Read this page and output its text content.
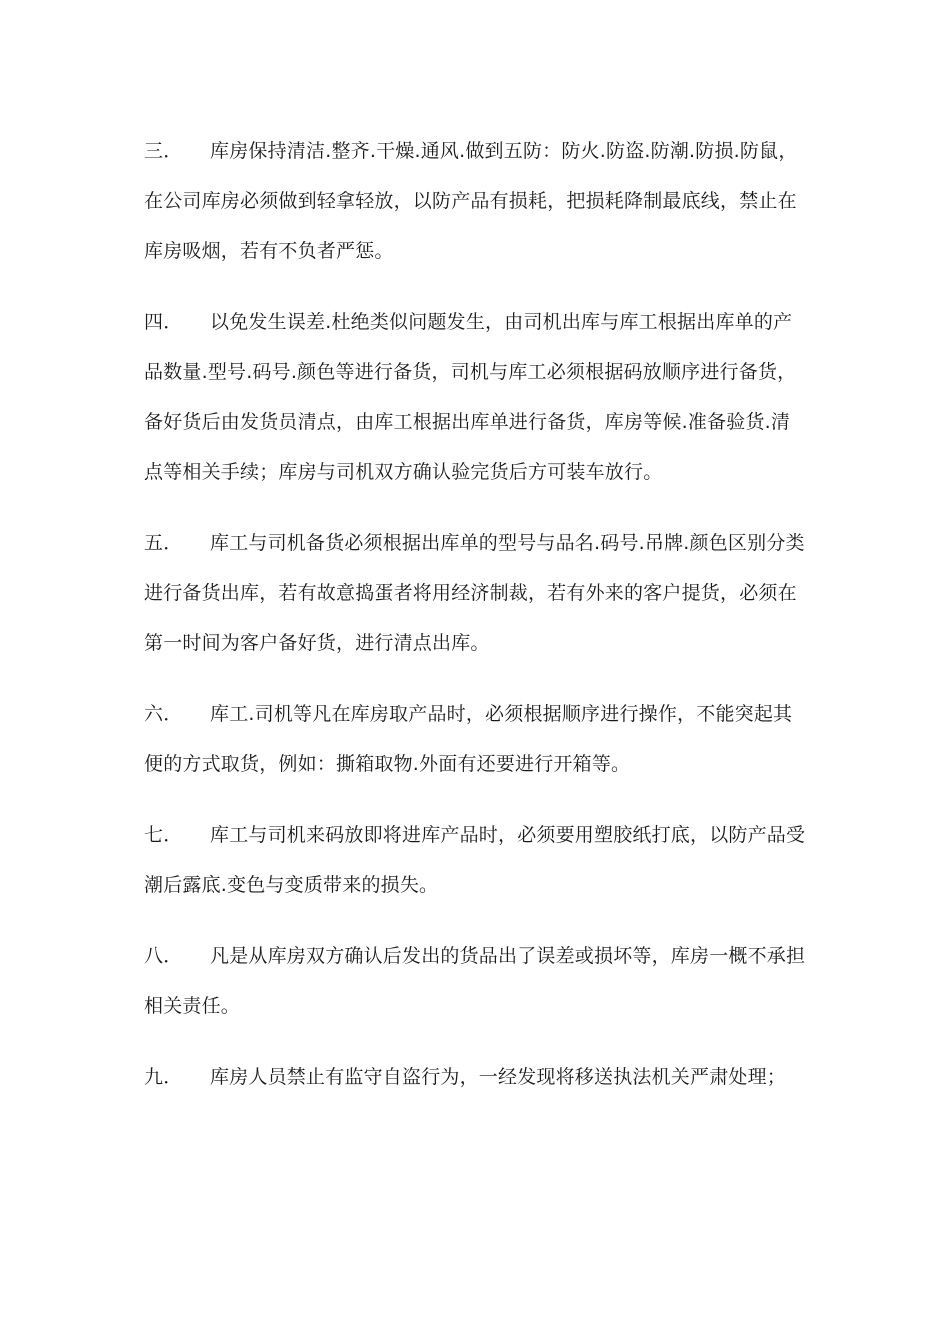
三． 库房保持清洁.整齐.干燥.通风.做到五防：防火.防盗.防潮.防损.防鼠，
在公司库房必须做到轻拿轻放，以防产品有损耗，把损耗降制最底线，禁止在
库房吸烟，若有不负者严惩。
四． 以免发生误差.杜绝类似问题发生，由司机出库与库工根据出库单的产
品数量.型号.码号.颜色等进行备货，司机与库工必须根据码放顺序进行备货，
备好货后由发货员清点，由库工根据出库单进行备货，库房等候.准备验货.清
点等相关手续；库房与司机双方确认验完货后方可装车放行。
五． 库工与司机备货必须根据出库单的型号与品名.码号.吊牌.颜色区别分类
进行备货出库，若有故意捣蛋者将用经济制裁，若有外来的客户提货，必须在
第一时间为客户备好货，进行清点出库。
六． 库工.司机等凡在库房取产品时，必须根据顺序进行操作，不能突起其
便的方式取货，例如：撕箱取物.外面有还要进行开箱等。
七． 库工与司机来码放即将进库产品时，必须要用塑胶纸打底，以防产品受
潮后露底.变色与变质带来的损失。
八． 凡是从库房双方确认后发出的货品出了误差或损坏等，库房一概不承担
相关责任。
九． 库房人员禁止有监守自盗行为，一经发现将移送执法机关严肃处理；
